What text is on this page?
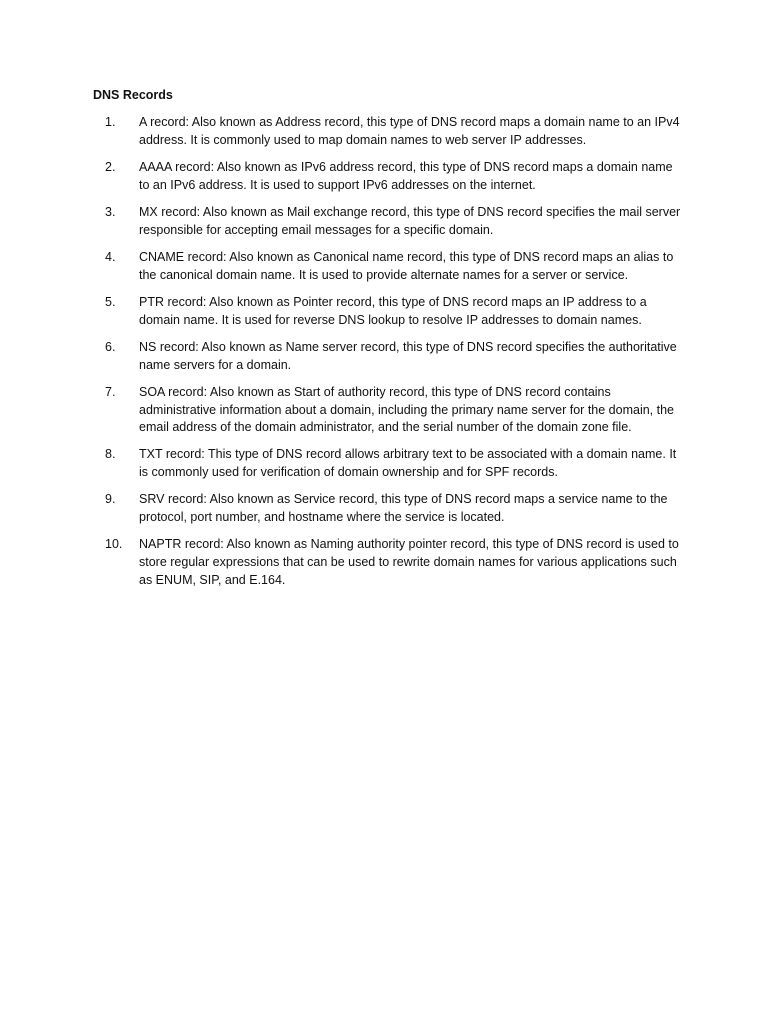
DNS Records
1.	A record: Also known as Address record, this type of DNS record maps a domain name to an IPv4 address. It is commonly used to map domain names to web server IP addresses.
2.	AAAA record: Also known as IPv6 address record, this type of DNS record maps a domain name to an IPv6 address. It is used to support IPv6 addresses on the internet.
3.	MX record: Also known as Mail exchange record, this type of DNS record specifies the mail server responsible for accepting email messages for a specific domain.
4.	CNAME record: Also known as Canonical name record, this type of DNS record maps an alias to the canonical domain name. It is used to provide alternate names for a server or service.
5.	PTR record: Also known as Pointer record, this type of DNS record maps an IP address to a domain name. It is used for reverse DNS lookup to resolve IP addresses to domain names.
6.	NS record: Also known as Name server record, this type of DNS record specifies the authoritative name servers for a domain.
7.	SOA record: Also known as Start of authority record, this type of DNS record contains administrative information about a domain, including the primary name server for the domain, the email address of the domain administrator, and the serial number of the domain zone file.
8.	TXT record: This type of DNS record allows arbitrary text to be associated with a domain name. It is commonly used for verification of domain ownership and for SPF records.
9.	SRV record: Also known as Service record, this type of DNS record maps a service name to the protocol, port number, and hostname where the service is located.
10.	NAPTR record: Also known as Naming authority pointer record, this type of DNS record is used to store regular expressions that can be used to rewrite domain names for various applications such as ENUM, SIP, and E.164.
